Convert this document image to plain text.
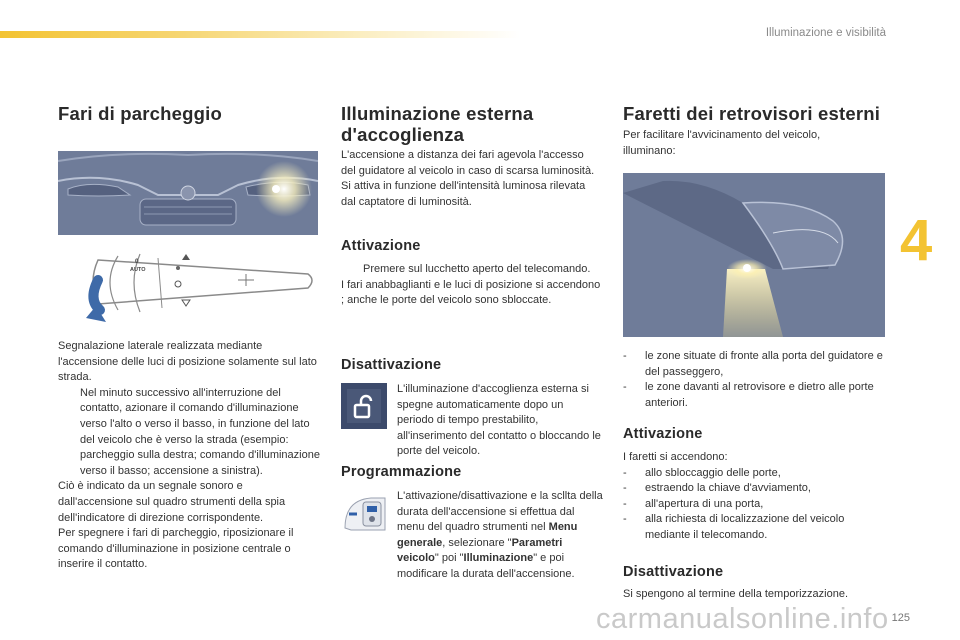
Illuminazione e visibilità
4
Fari di parcheggio
0
AUTO

Segnalazione laterale realizzata mediante l'accensione delle luci di posizione solamente sul lato strada.

Nel minuto successivo all'interruzione del contatto, azionare il comando d'illuminazione verso l'alto o verso il basso, in funzione del lato del veicolo che è verso la strada (esempio: parcheggio sulla destra; comando d'illuminazione verso il basso; accensione a sinistra).

Ciò è indicato da un segnale sonoro e dall'accensione sul quadro strumenti della spia dell'indicatore di direzione corrispondente.

Per spegnere i fari di parcheggio, riposizionare il comando d'illuminazione in posizione centrale o inserire il contatto.

Illuminazione esterna d'accoglienza

L'accensione a distanza dei fari agevola l'accesso del guidatore al veicolo in caso di scarsa luminosità. Si attiva in funzione dell'intensità luminosa rilevata dal captatore di luminosità.

Attivazione
Premere sul lucchetto aperto del telecomando.

I fari anabbaglianti e le luci di posizione si accendono ; anche le porte del veicolo sono sbloccate.

Disattivazione

L'illuminazione d'accoglienza esterna si spegne automaticamente dopo un periodo di tempo prestabilito, all'inserimento del contatto o bloccando le porte del veicolo.

Programmazione

L'attivazione/disattivazione e la scllta della durata dell'accensione si effettua dal menu del quadro strumenti nel Menu generale, selezionare "Parametri veicolo" poi "Illuminazione" e poi modificare la durata dell'accensione.

Faretti dei retrovisori esterni

Per facilitare l'avvicinamento del veicolo, illuminano:

-	le zone situate di fronte alla porta del guidatore e del passeggero,
-	le zone davanti al retrovisore e dietro alle porte anteriori.
Attivazione

I faretti si accendono:

-	allo sbloccaggio delle porte,
-	estraendo la chiave d'avviamento,
-	all'apertura di una porta,
-	alla richiesta di localizzazione del veicolo mediante il telecomando.
Disattivazione

Si spengono al termine della temporizzazione.

carmanualsonline.info 125
